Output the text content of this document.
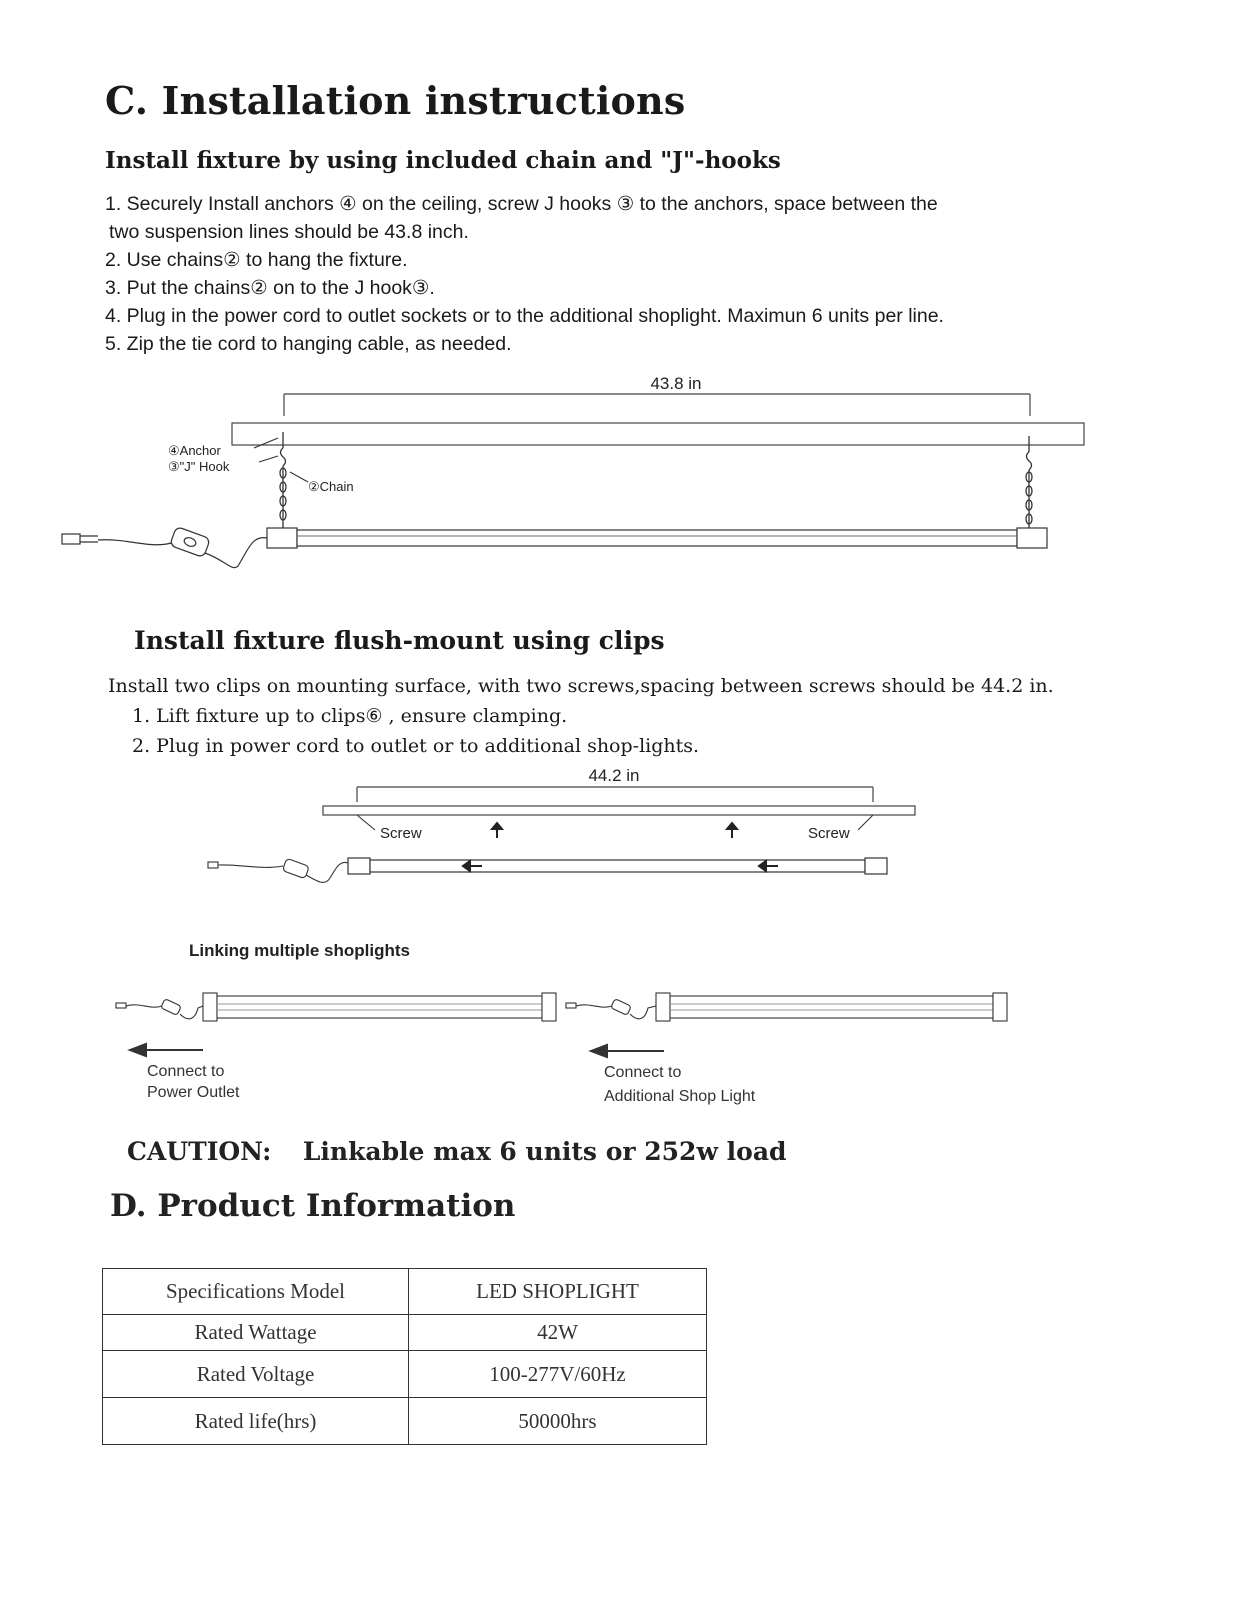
C. Installation instructions
Install fixture by using included chain and "J"-hooks
1. Securely Install anchors ④ on the ceiling, screw J hooks ③ to the anchors, space between the
two suspension lines should be 43.8 inch.
2. Use chains② to hang the fixture.
3. Put the chains② on to the J hook③.
4. Plug in the power cord to outlet sockets or to the additional shoplight. Maximun 6 units per line.
5. Zip the tie cord to hanging cable, as needed.
43.8 in
④Anchor
③"J" Hook
②Chain
Install fixture flush-mount using clips
Install two clips on mounting surface, with two screws,spacing between screws should be 44.2 in.
1. Lift fixture up to clips⑥ , ensure clamping.
2. Plug in power cord to outlet or to additional shop-lights.
44.2 in
Screw	Screw
Linking multiple shoplights
Connect to
Power Outlet
Connect to
Additional Shop Light
CAUTION: Linkable max 6 units or 252w load
D. Product Information
Specifications Model	LED SHOPLIGHT
Rated Wattage	42W
Rated Voltage	100-277V/60Hz
Rated life(hrs)	50000hrs
